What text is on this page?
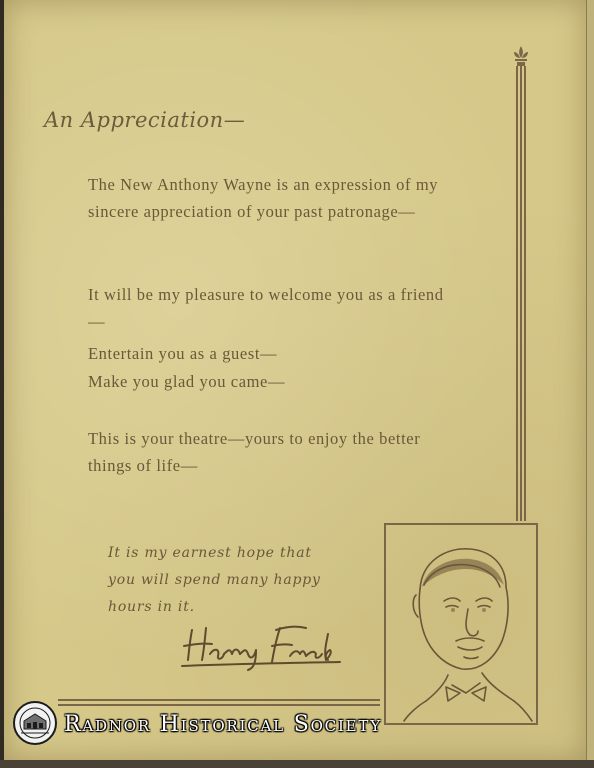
An Appreciation—
The New Anthony Wayne is an expression of my sincere appreciation of your past patronage—
It will be my pleasure to welcome you as a friend—
Entertain you as a guest—
Make you glad you came—
This is your theatre—yours to enjoy the better things of life—
It is my earnest hope that
you will spend many happy
hours in it.
Radnor Historical Society
